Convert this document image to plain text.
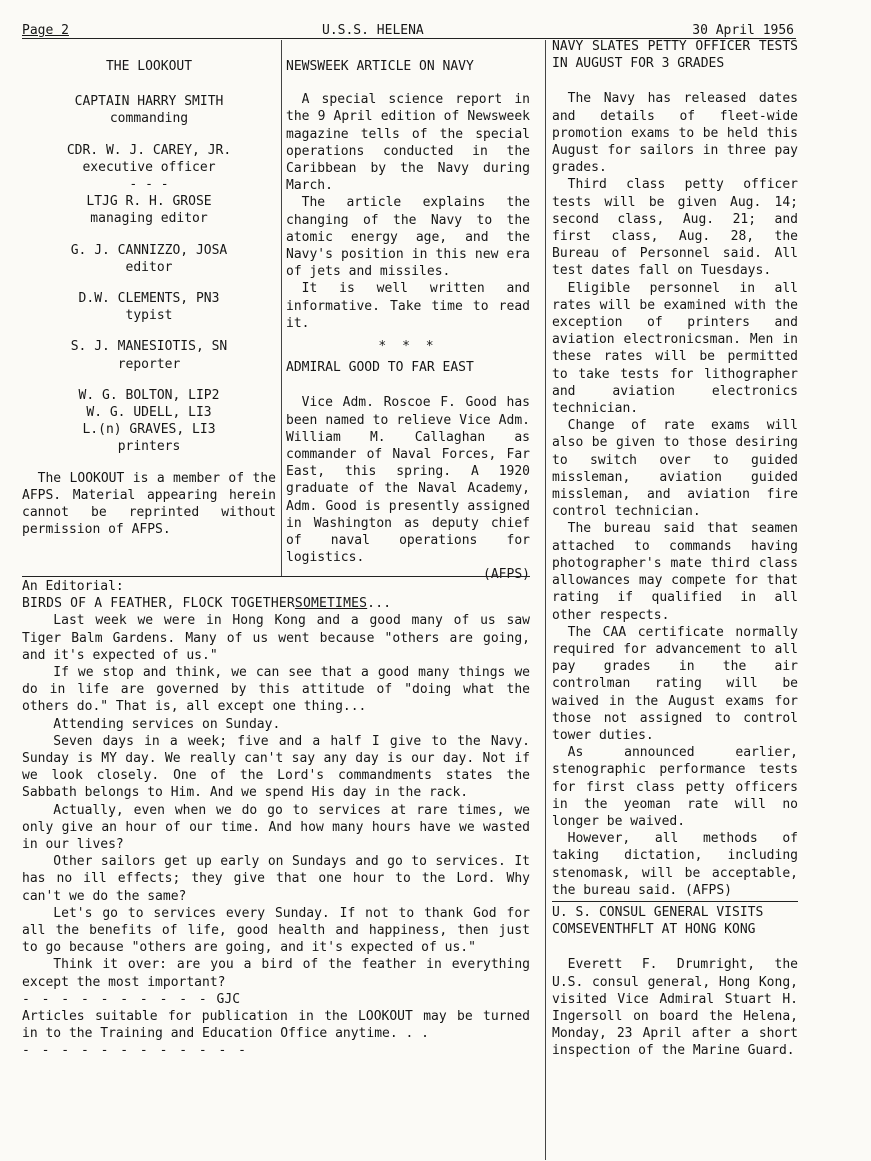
Page 2	U.S.S. HELENA	30 April 1956

THE LOOKOUT

CAPTAIN HARRY SMITH
commanding
CDR. W. J. CAREY, JR.
executive officer
- - -
LTJG R. H. GROSE
managing editor
G. J. CANNIZZO, JOSA
editor
D.W. CLEMENTS, PN3
typist
S. J. MANESIOTIS, SN
reporter
W. G. BOLTON, LIP2
W. G. UDELL, LI3
L.(n) GRAVES, LI3
printers

The LOOKOUT is a member of the AFPS. Material appearing herein cannot be reprinted without permission of AFPS.

NEWSWEEK ARTICLE ON NAVY

A special science report in the 9 April edition of Newsweek magazine tells of the special operations conducted in the Caribbean by the Navy during March.

The article explains the changing of the Navy to the atomic energy age, and the Navy's position in this new era of jets and missiles.

It is well written and informative. Take time to read it.

* * *

ADMIRAL GOOD TO FAR EAST

Vice Adm. Roscoe F. Good has been named to relieve Vice Adm. William M. Callaghan as commander of Naval Forces, Far East, this spring. A 1920 graduate of the Naval Academy, Adm. Good is presently assigned in Washington as deputy chief of naval operations for logistics.

(AFPS)

NAVY SLATES PETTY OFFICER TESTS IN AUGUST FOR 3 GRADES

The Navy has released dates and details of fleet-wide promotion exams to be held this August for sailors in three pay grades.

Third class petty officer tests will be given Aug. 14; second class, Aug. 21; and first class, Aug. 28, the Bureau of Personnel said. All test dates fall on Tuesdays.

Eligible personnel in all rates will be examined with the exception of printers and aviation electronicsman. Men in these rates will be permitted to take tests for lithographer and aviation electronics technician.

Change of rate exams will also be given to those desiring to switch over to guided missleman, aviation guided missleman, and aviation fire control technician.

The bureau said that seamen attached to commands having photographer's mate third class allowances may compete for that rating if qualified in all other respects.

The CAA certificate normally required for advancement to all pay grades in the air controlman rating will be waived in the August exams for those not assigned to control tower duties.

As announced earlier, stenographic performance tests for first class petty officers in the yeoman rate will no longer be waived.

However, all methods of taking dictation, including stenomask, will be acceptable, the bureau said. (AFPS)

U. S. CONSUL GENERAL VISITS COMSEVENTHFLT AT HONG KONG

Everett F. Drumright, the U.S. consul general, Hong Kong, visited Vice Admiral Stuart H. Ingersoll on board the Helena, Monday, 23 April after a short inspection of the Marine Guard.

An Editorial:

BIRDS OF A FEATHER, FLOCK TOGETHERSOMETIMES...

Last week we were in Hong Kong and a good many of us saw Tiger Balm Gardens. Many of us went because "others are going, and it's expected of us."

If we stop and think, we can see that a good many things we do in life are governed by this attitude of "doing what the others do." That is, all except one thing...

Attending services on Sunday.

Seven days in a week; five and a half I give to the Navy. Sunday is MY day. We really can't say any day is our day. Not if we look closely. One of the Lord's commandments states the Sabbath belongs to Him. And we spend His day in the rack.

Actually, even when we do go to services at rare times, we only give an hour of our time. And how many hours have we wasted in our lives?

Other sailors get up early on Sundays and go to services. It has no ill effects; they give that one hour to the Lord. Why can't we do the same?

Let's go to services every Sunday. If not to thank God for all the benefits of life, good health and happiness, then just to go because "others are going, and it's expected of us."

Think it over: are you a bird of the feather in everything except the most important?

- - - - - - - - - - GJC

Articles suitable for publication in the LOOKOUT may be turned in to the Training and Education Office anytime. . .

- - - - - - - - - - - -
